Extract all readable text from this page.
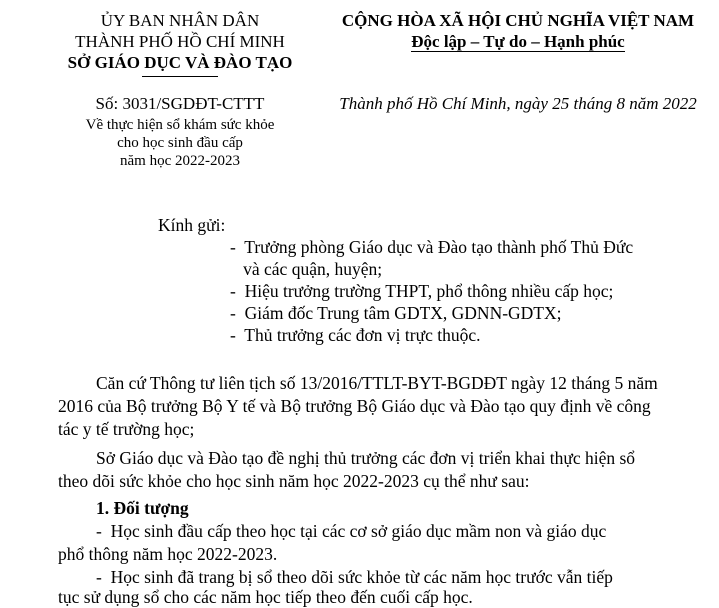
ỦY BAN NHÂN DÂN
THÀNH PHỐ HỒ CHÍ MINH
SỞ GIÁO DỤC VÀ ĐÀO TẠO
CỘNG HÒA XÃ HỘI CHỦ NGHĨA VIỆT NAM
Độc lập – Tự do – Hạnh phúc
Số: 3031/SGDĐT-CTTT
Về thực hiện sổ khám sức khỏe
cho học sinh đầu cấp
năm học 2022-2023
Thành phố Hồ Chí Minh, ngày 25 tháng 8 năm 2022
Kính gửi:
-  Trưởng phòng Giáo dục và Đào tạo thành phố Thủ Đức
và các quận, huyện;
-  Hiệu trưởng trường THPT, phổ thông nhiều cấp học;
-  Giám đốc Trung tâm GDTX, GDNN-GDTX;
-  Thủ trưởng các đơn vị trực thuộc.
Căn cứ Thông tư liên tịch số 13/2016/TTLT-BYT-BGDĐT ngày 12 tháng 5 năm
2016 của Bộ trưởng Bộ Y tế và Bộ trưởng Bộ Giáo dục và Đào tạo quy định về công
tác y tế trường học;
Sở Giáo dục và Đào tạo đề nghị thủ trưởng các đơn vị triển khai thực hiện sổ
theo dõi sức khỏe cho học sinh năm học 2022-2023 cụ thể như sau:
1. Đối tượng
-  Học sinh đầu cấp theo học tại các cơ sở giáo dục mầm non và giáo dục
phổ thông năm học 2022-2023.
-  Học sinh đã trang bị sổ theo dõi sức khỏe từ các năm học trước vẫn tiếp
tục sử dụng sổ cho các năm học tiếp theo đến cuối cấp học.
